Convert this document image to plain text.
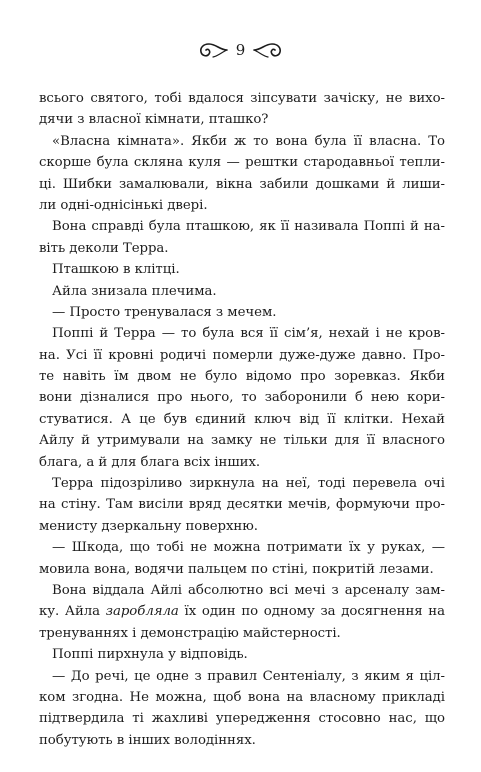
9
всього святого, тобі вдалося зіпсувати зачіску, не вихо-
дячи з власної кімнати, пташко?
«Власна кімната». Якби ж то вона була її власна. То
скорше була скляна куля — рештки стародавньої тепли-
ці. Шибки замалювали, вікна забили дошками й лиши-
ли одні-однісінькі двері.
Вона справді була пташкою, як її називала Поппі й на-
віть деколи Терра.
Пташкою в клітці.
Айла знизала плечима.
— Просто тренувалася з мечем.
Поппі й Терра — то була вся її сім’я, нехай і не кров-
на. Усі її кровні родичі померли дуже-дуже давно. Про-
те навіть їм двом не було відомо про зоревказ. Якби
вони дізналися про нього, то заборонили б нею кори-
стуватися. А це був єдиний ключ від її клітки. Нехай
Айлу й утримували на замку не тільки для її власного
блага, а й для блага всіх інших.
Терра підозріливо зиркнула на неї, тоді перевела очі
на стіну. Там висіли вряд десятки мечів, формуючи про-
менисту дзеркальну поверхню.
— Шкода, що тобі не можна потримати їх у руках, —
мовила вона, водячи пальцем по стіні, покритій лезами.
Вона віддала Айлі абсолютно всі мечі з арсеналу зам-
ку. Айла заробляла їх один по одному за досягнення на
тренуваннях і демонстрацію майстерності.
Поппі пирхнула у відповідь.
— До речі, це одне з правил Сентеніалу, з яким я ціл-
ком згодна. Не можна, щоб вона на власному прикладі
підтвердила ті жахливі упередження стосовно нас, що
побутують в інших володіннях.
